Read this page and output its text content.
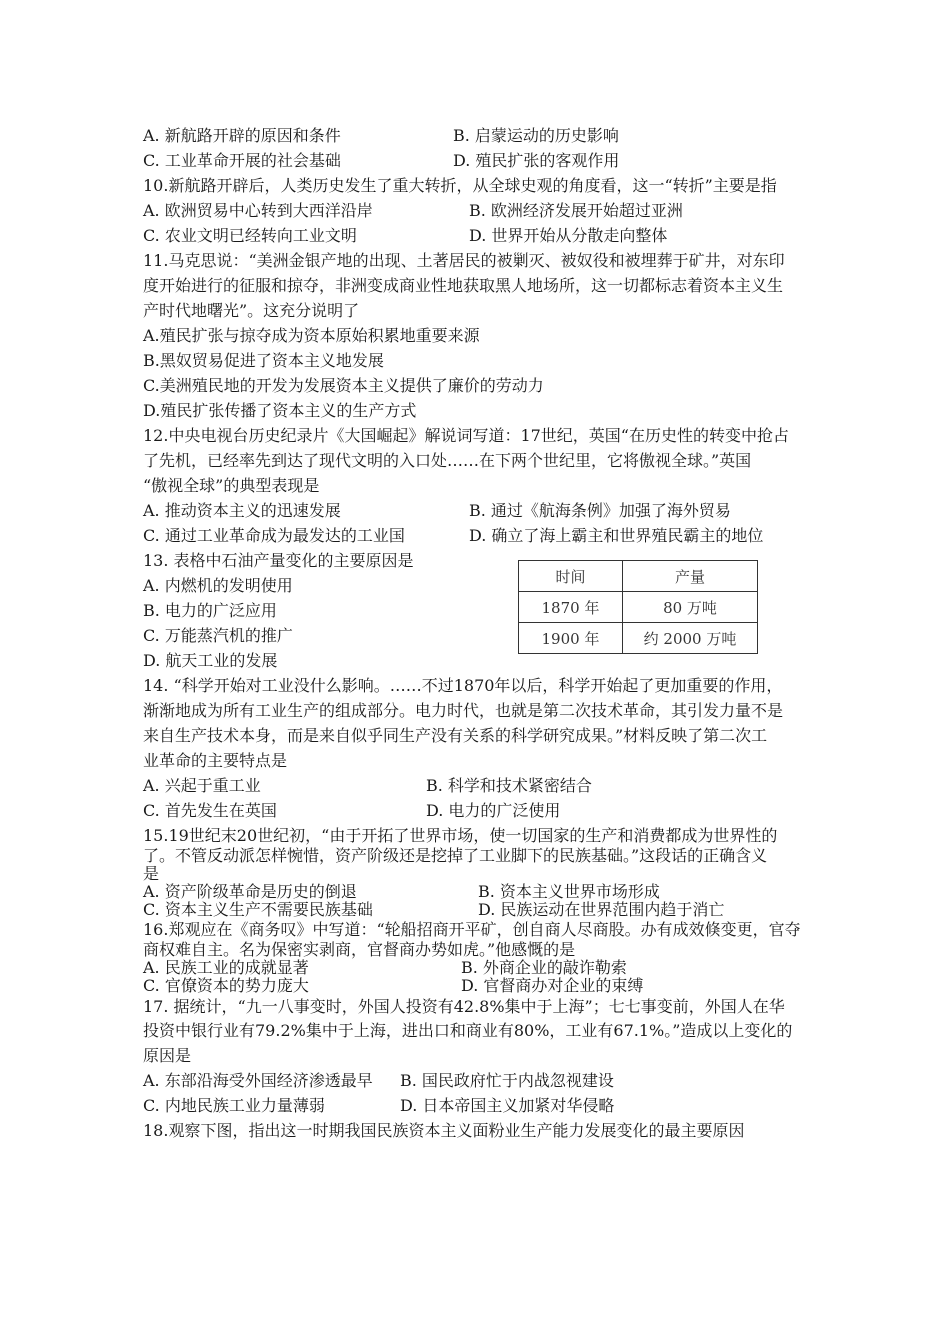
A. 新航路开辟的原因和条件	B. 启蒙运动的历史影响
C. 工业革命开展的社会基础	D. 殖民扩张的客观作用
10.新航路开辟后，人类历史发生了重大转折，从全球史观的角度看，这一“转折”主要是指
A. 欧洲贸易中心转到大西洋沿岸	B. 欧洲经济发展开始超过亚洲
C. 农业文明已经转向工业文明	D. 世界开始从分散走向整体
11.马克思说：“美洲金银产地的出现、土著居民的被剿灭、被奴役和被埋葬于矿井，对东印
度开始进行的征服和掠夺，非洲变成商业性地获取黑人地场所，这一切都标志着资本主义生
产时代地曙光”。这充分说明了
A.殖民扩张与掠夺成为资本原始积累地重要来源
B.黑奴贸易促进了资本主义地发展
C.美洲殖民地的开发为发展资本主义提供了廉价的劳动力
D.殖民扩张传播了资本主义的生产方式
12.中央电视台历史纪录片《大国崛起》解说词写道：17世纪，英国“在历史性的转变中抢占
了先机，已经率先到达了现代文明的入口处……在下两个世纪里，它将傲视全球。”英国
“傲视全球”的典型表现是
A. 推动资本主义的迅速发展	B. 通过《航海条例》加强了海外贸易
C. 通过工业革命成为最发达的工业国	D. 确立了海上霸主和世界殖民霸主的地位
13. 表格中石油产量变化的主要原因是
A. 内燃机的发明使用
B. 电力的广泛应用
C. 万能蒸汽机的推广
D. 航天工业的发展
时间	产量
1870 年	80 万吨
1900 年	约 2000 万吨
14. “科学开始对工业没什么影响。……不过1870年以后，科学开始起了更加重要的作用，
渐渐地成为所有工业生产的组成部分。电力时代，也就是第二次技术革命，其引发力量不是
来自生产技术本身，而是来自似乎同生产没有关系的科学研究成果。”材料反映了第二次工
业革命的主要特点是
A. 兴起于重工业	B. 科学和技术紧密结合
C. 首先发生在英国	D. 电力的广泛使用
15.19世纪末20世纪初，“由于开拓了世界市场，使一切国家的生产和消费都成为世界性的
了。不管反动派怎样惋惜，资产阶级还是挖掉了工业脚下的民族基础。”这段话的正确含义
是
A. 资产阶级革命是历史的倒退	B. 资本主义世界市场形成
C. 资本主义生产不需要民族基础	D. 民族运动在世界范围内趋于消亡
16.郑观应在《商务叹》中写道：“轮船招商开平矿，创自商人尽商股。办有成效倏变更，官夺
商权难自主。名为保密实剥商，官督商办势如虎。”他感慨的是
A. 民族工业的成就显著	B. 外商企业的敲诈勒索
C. 官僚资本的势力庞大	D. 官督商办对企业的束缚
17. 据统计，“九一八事变时，外国人投资有42.8%集中于上海”；七七事变前，外国人在华
投资中银行业有79.2%集中于上海，进出口和商业有80%，工业有67.1%。”造成以上变化的
原因是
A. 东部沿海受外国经济渗透最早 B. 国民政府忙于内战忽视建设
C. 内地民族工业力量薄弱	D. 日本帝国主义加紧对华侵略
18.观察下图，指出这一时期我国民族资本主义面粉业生产能力发展变化的最主要原因
